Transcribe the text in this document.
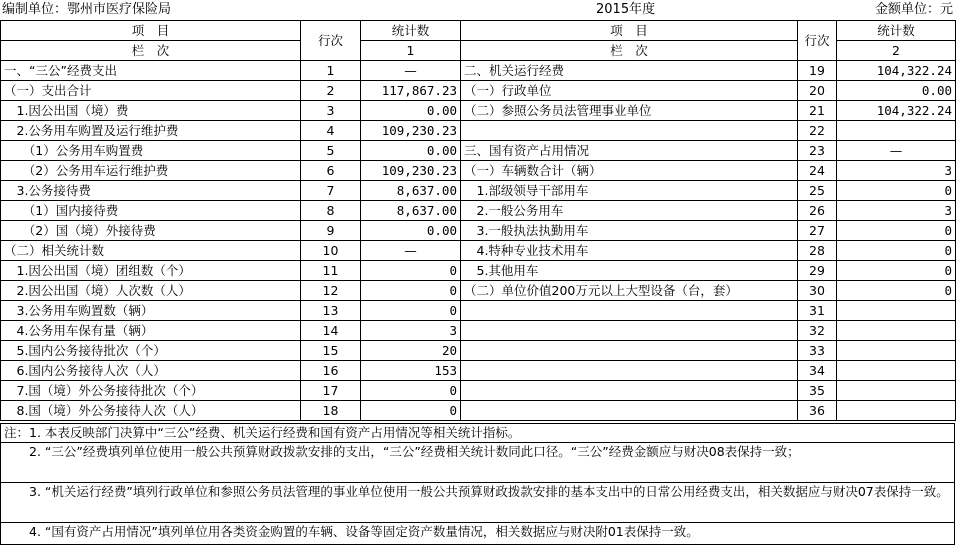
编制单位：鄂州市医疗保险局	2015年度	金额单位：元
项　目	行次	统计数	项　目	行次	统计数
栏　次		1	栏　次		2
一、“三公”经费支出	1	—	二、机关运行经费	19	104,322.24
（一）支出合计	2	117,867.23	（一）行政单位	20	0.00
　1.因公出国（境）费	3	0.00	（二）参照公务员法管理事业单位	21	104,322.24
　2.公务用车购置及运行维护费	4	109,230.23		22	
　　（1）公务用车购置费	5	0.00	三、国有资产占用情况	23	—
　　（2）公务用车运行维护费	6	109,230.23	（一）车辆数合计（辆）	24	3
　3.公务接待费	7	8,637.00	　1.部级领导干部用车	25	0
　　（1）国内接待费	8	8,637.00	　2.一般公务用车	26	3
　　（2）国（境）外接待费	9	0.00	　3.一般执法执勤用车	27	0
（二）相关统计数	10	—	　4.特种专业技术用车	28	0
　1.因公出国（境）团组数（个）	11	0	　5.其他用车	29	0
　2.因公出国（境）人次数（人）	12	0	（二）单位价值200万元以上大型设备（台，套）	30	0
　3.公务用车购置数（辆）	13	0		31	
　4.公务用车保有量（辆）	14	3		32	
　5.国内公务接待批次（个）	15	20		33	
　6.国内公务接待人次（人）	16	153		34	
　7.国（境）外公务接待批次（个）	17	0		35	
　8.国（境）外公务接待人次（人）	18	0		36	
注：1. 本表反映部门决算中“三公”经费、机关运行经费和国有资产占用情况等相关统计指标。
　　2. “三公”经费填列单位使用一般公共预算财政拨款安排的支出，“三公”经费相关统计数同此口径。“三公”经费金额应与财决08表保持一致；
　　3. “机关运行经费”填列行政单位和参照公务员法管理的事业单位使用一般公共预算财政拨款安排的基本支出中的日常公用经费支出，相关数据应与财决07表保持一致。
　　4. “国有资产占用情况”填列单位用各类资金购置的车辆、设备等固定资产数量情况，相关数据应与财决附01表保持一致。
